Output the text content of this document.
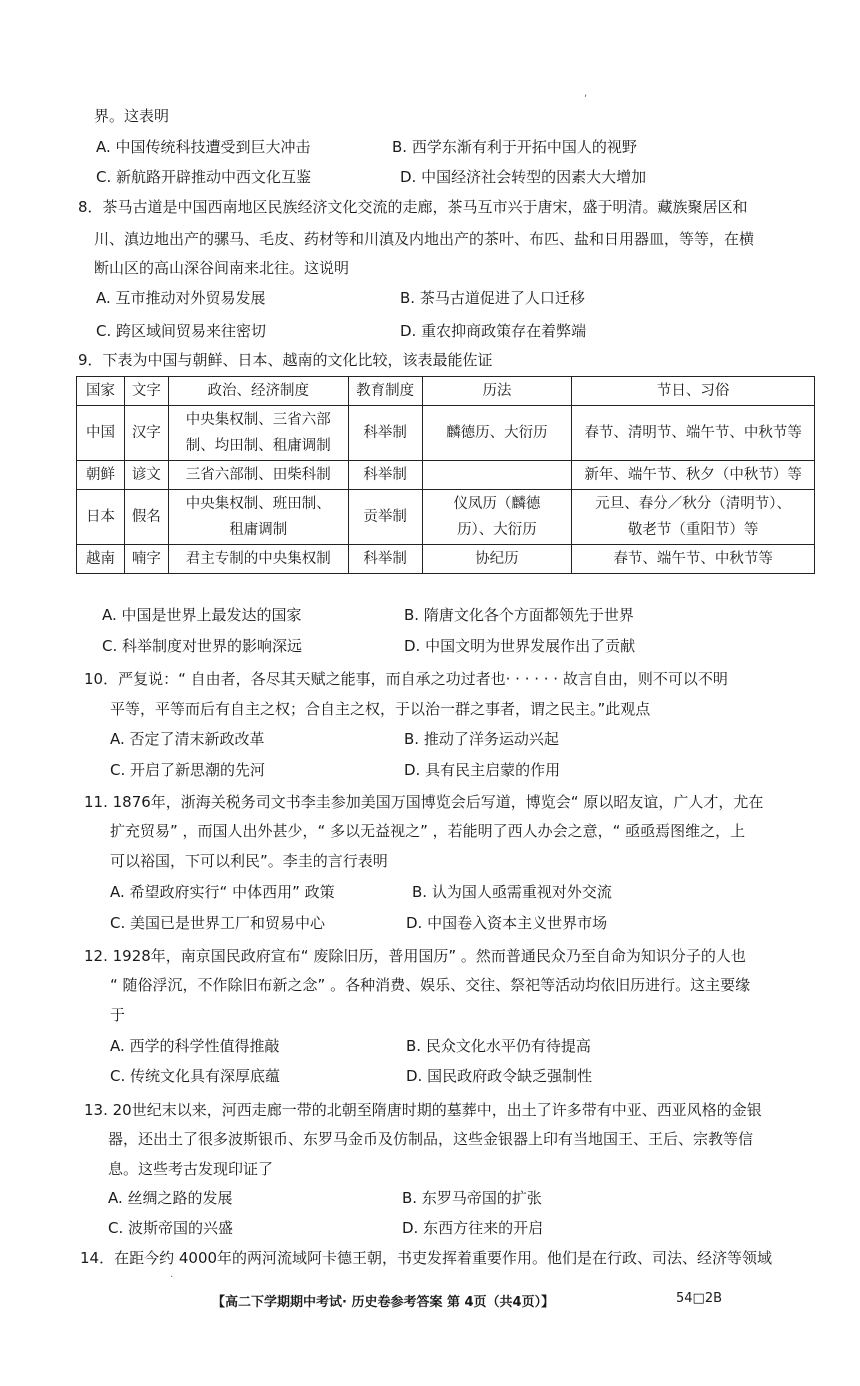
,
界。这表明
A. 中国传统科技遭受到巨大冲击	B. 西学东渐有利于开拓中国人的视野
C. 新航路开辟推动中西文化互鉴	D. 中国经济社会转型的因素大大增加
8．茶马古道是中国西南地区民族经济文化交流的走廊，茶马互市兴于唐宋，盛于明清。藏族聚居区和
川、滇边地出产的骡马、毛皮、药材等和川滇及内地出产的茶叶、布匹、盐和日用器皿，等等，在横
断山区的高山深谷间南来北往。这说明
A. 互市推动对外贸易发展	B. 茶马古道促进了人口迁移
C. 跨区域间贸易来往密切	D. 重农抑商政策存在着弊端
9．下表为中国与朝鲜、日本、越南的文化比较，该表最能佐证
国家	文字	政治、经济制度	教育制度	历法	节日、习俗
中国	汉字	中央集权制、三省六部
制、均田制、租庸调制	科举制	麟德历、大衍历	春节、清明节、端午节、中秋节等
朝鲜	谚文	三省六部制、田柴科制	科举制		新年、端午节、秋夕（中秋节）等
日本	假名	中央集权制、班田制、
租庸调制	贡举制	仪凤历（麟德
历）、大衍历	元旦、春分／秋分（清明节）、
敬老节（重阳节）等
越南	喃字	君主专制的中央集权制	科举制	协纪历	春节、端午节、中秋节等
A. 中国是世界上最发达的国家	B. 隋唐文化各个方面都领先于世界
C. 科举制度对世界的影响深远	D. 中国文明为世界发展作出了贡献
10．严复说：“ 自由者，各尽其天赋之能事，而自承之功过者也· · · · · · 故言自由，则不可以不明
平等，平等而后有自主之权；合自主之权，于以治一群之事者，谓之民主。”此观点
A. 否定了清末新政改革	B. 推动了洋务运动兴起
C. 开启了新思潮的先河	D. 具有民主启蒙的作用
11. 1876年，浙海关税务司文书李圭参加美国万国博览会后写道，博览会“ 原以昭友谊，广人才，尤在
扩充贸易” ，而国人出外甚少，“ 多以无益视之” ，若能明了西人办会之意，“ 亟亟焉图维之，上
可以裕国，下可以利民”。李圭的言行表明
A. 希望政府实行“ 中体西用” 政策	B. 认为国人亟需重视对外交流
C. 美国已是世界工厂和贸易中心	D. 中国卷入资本主义世界市场
12. 1928年，南京国民政府宣布“ 废除旧历，普用国历” 。然而普通民众乃至自命为知识分子的人也
“ 随俗浮沉，不作除旧布新之念” 。各种消费、娱乐、交往、祭祀等活动均依旧历进行。这主要缘
于
A. 西学的科学性值得推敲	B. 民众文化水平仍有待提高
C. 传统文化具有深厚底蕴	D. 国民政府政令缺乏强制性
13. 20世纪末以来，河西走廊一带的北朝至隋唐时期的墓葬中，出土了许多带有中亚、西亚风格的金银
器，还出土了很多波斯银币、东罗马金币及仿制品，这些金银器上印有当地国王、王后、宗教等信
息。这些考古发现印证了
A. 丝绸之路的发展	B. 东罗马帝国的扩张
C. 波斯帝国的兴盛	D. 东西方往来的开启
14．在距今约 4000年的两河流域阿卡德王朝，书吏发挥着重要作用。他们是在行政、司法、经济等领域
·
【高二下学期期中考试· 历史卷参考答案 第 4页（共4页）】	54□2B
